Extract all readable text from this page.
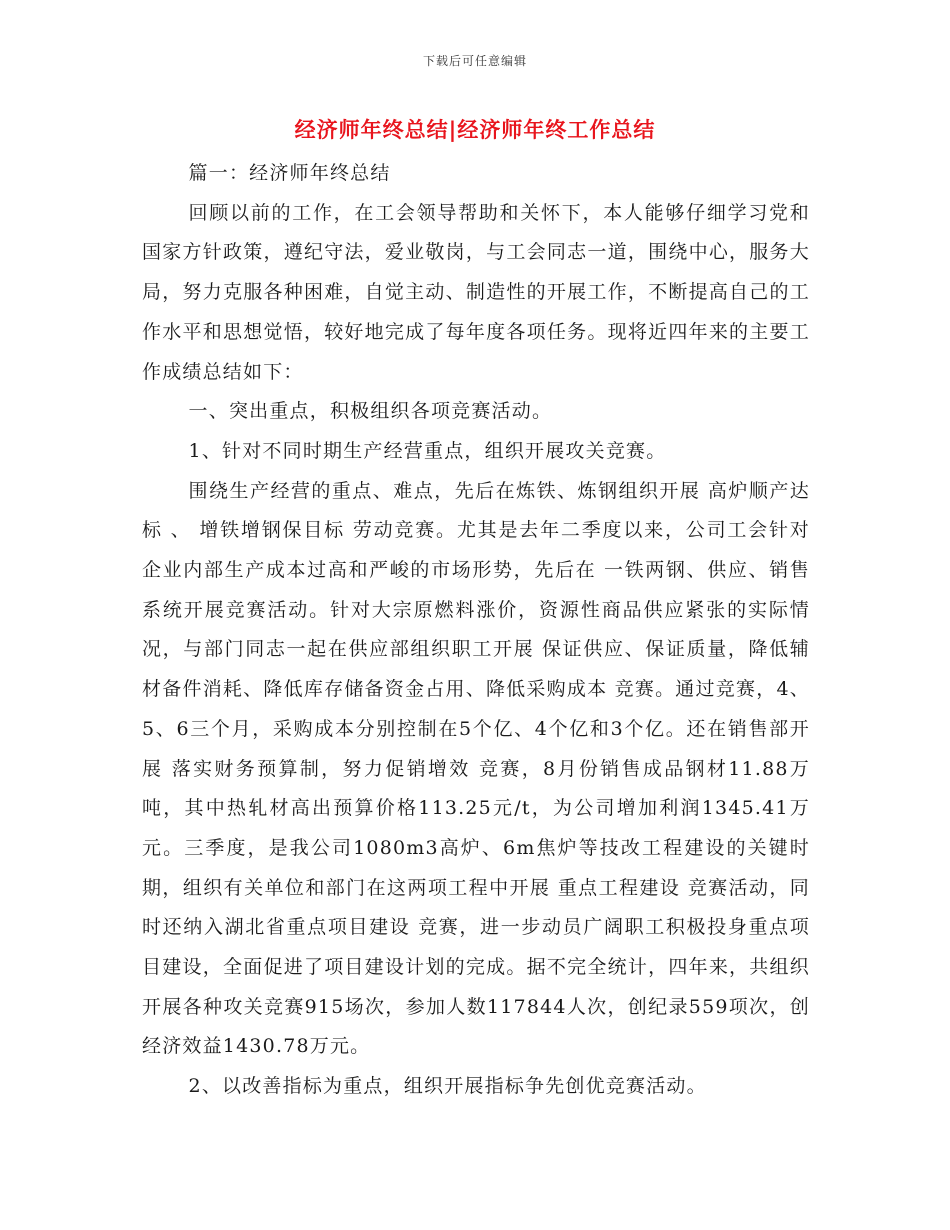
下载后可任意编辑
经济师年终总结|经济师年终工作总结

篇一：经济师年终总结

回顾以前的工作，在工会领导帮助和关怀下，本人能够仔细学习党和国家方针政策，遵纪守法，爱业敬岗，与工会同志一道，围绕中心，服务大局，努力克服各种困难，自觉主动、制造性的开展工作，不断提高自己的工作水平和思想觉悟，较好地完成了每年度各项任务。现将近四年来的主要工作成绩总结如下：

一、突出重点，积极组织各项竞赛活动。

1、针对不同时期生产经营重点，组织开展攻关竞赛。

围绕生产经营的重点、难点，先后在炼铁、炼钢组织开展 高炉顺产达标 、 增铁增钢保目标 劳动竞赛。尤其是去年二季度以来，公司工会针对企业内部生产成本过高和严峻的市场形势，先后在 一铁两钢、供应、销售系统开展竞赛活动。针对大宗原燃料涨价，资源性商品供应紧张的实际情况，与部门同志一起在供应部组织职工开展 保证供应、保证质量，降低辅材备件消耗、降低库存储备资金占用、降低采购成本 竞赛。通过竞赛，4、5、6三个月，采购成本分别控制在5个亿、4个亿和3个亿。还在销售部开展 落实财务预算制，努力促销增效 竞赛，8月份销售成品钢材11.88万吨，其中热轧材高出预算价格113.25元/t，为公司增加利润1345.41万元。三季度，是我公司1080m3高炉、6m焦炉等技改工程建设的关键时期，组织有关单位和部门在这两项工程中开展 重点工程建设 竞赛活动，同时还纳入湖北省重点项目建设 竞赛，进一步动员广阔职工积极投身重点项目建设，全面促进了项目建设计划的完成。据不完全统计，四年来，共组织开展各种攻关竞赛915场次，参加人数117844人次，创纪录559项次，创经济效益1430.78万元。

2、以改善指标为重点，组织开展指标争先创优竞赛活动。
